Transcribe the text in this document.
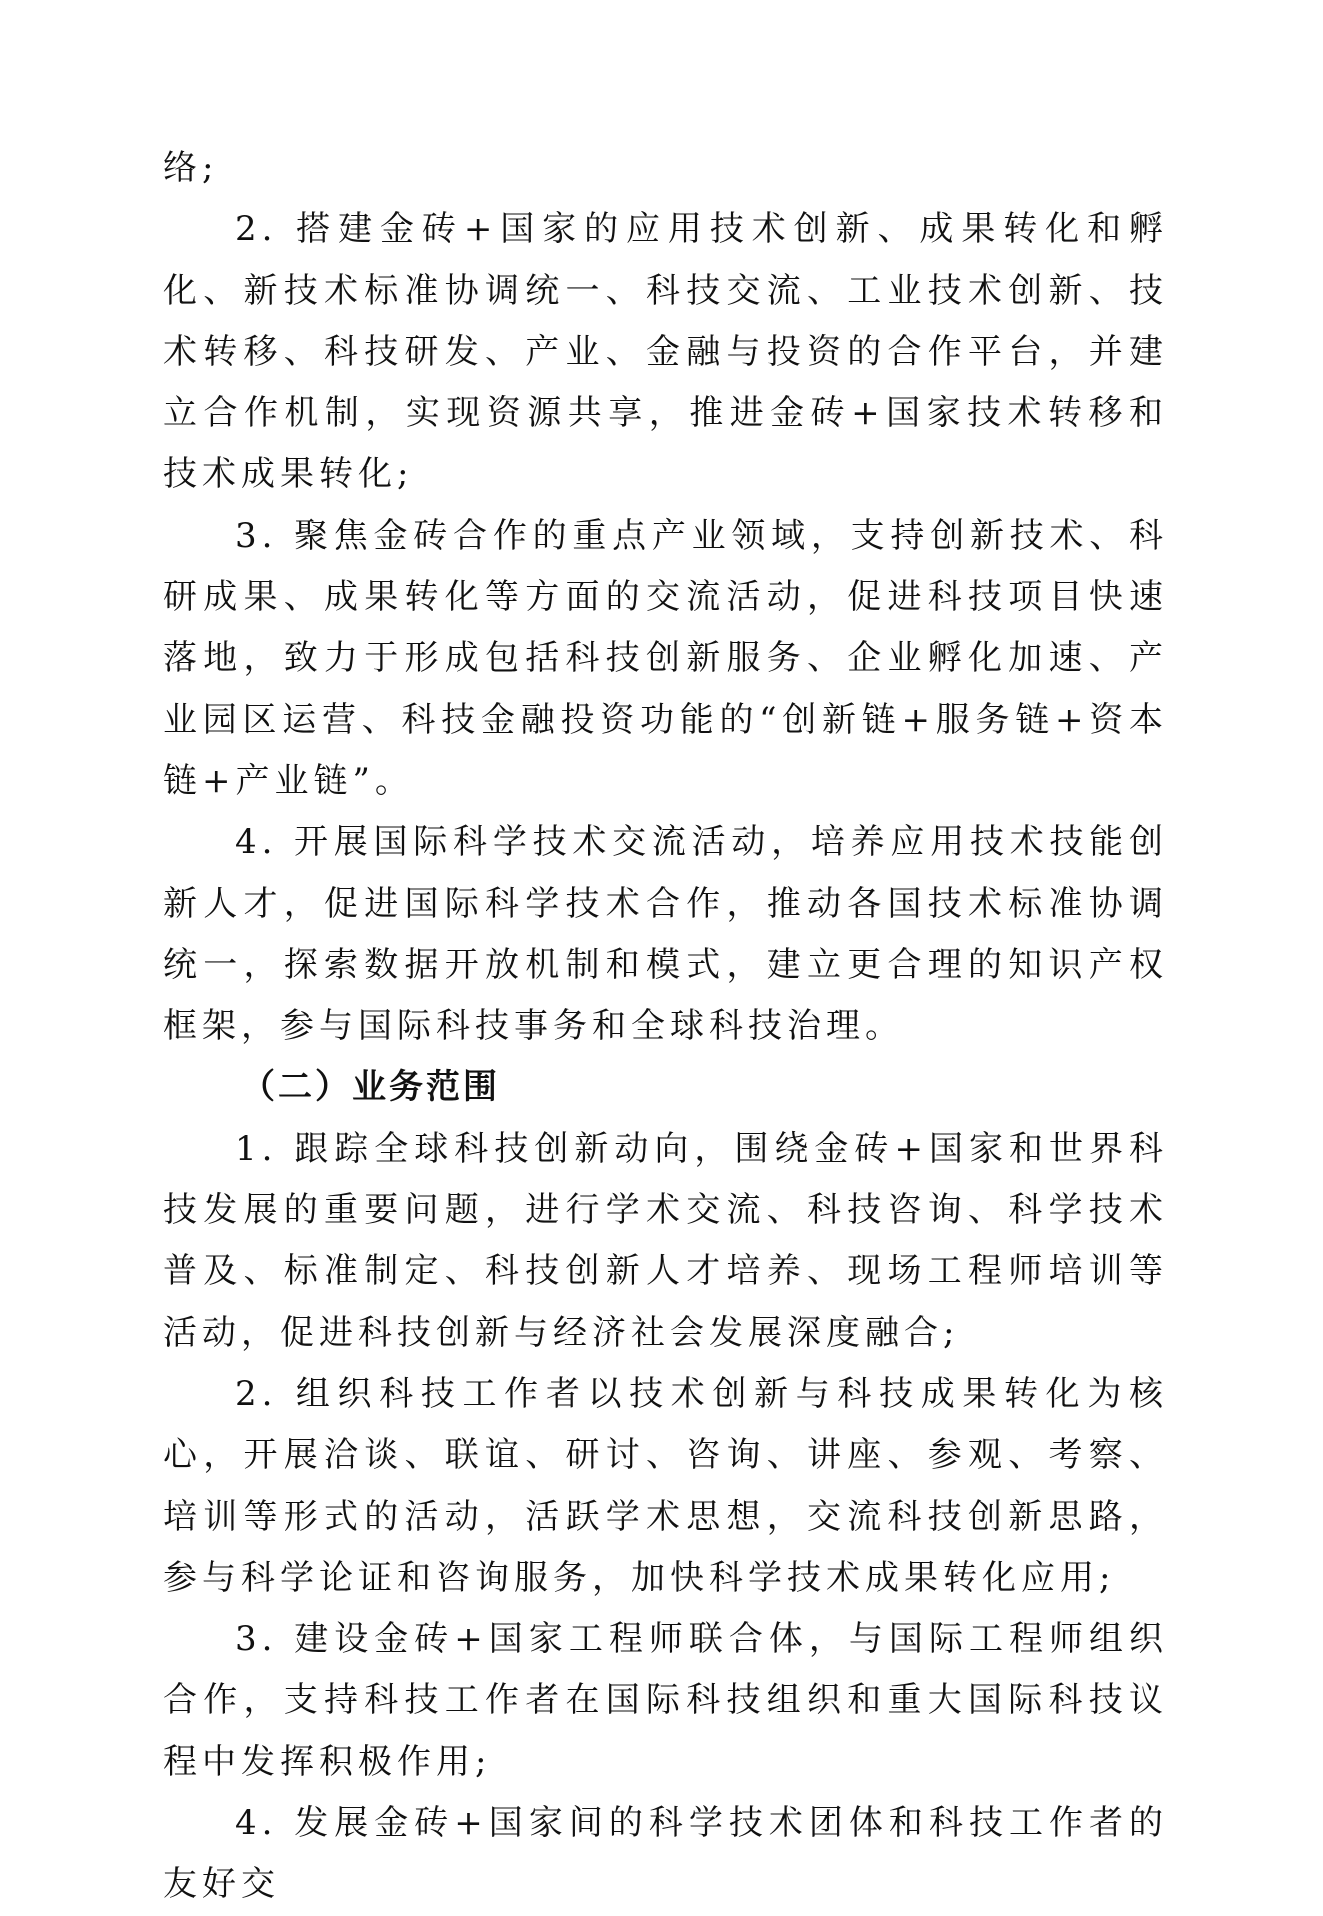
络;

2. 搭建金砖+国家的应用技术创新、成果转化和孵化、新技术标准协调统一、科技交流、工业技术创新、技术转移、科技研发、产业、金融与投资的合作平台，并建立合作机制，实现资源共享，推进金砖+国家技术转移和技术成果转化;

3. 聚焦金砖合作的重点产业领域，支持创新技术、科研成果、成果转化等方面的交流活动，促进科技项目快速落地，致力于形成包括科技创新服务、企业孵化加速、产业园区运营、科技金融投资功能的“创新链+服务链+资本链+产业链”。

4. 开展国际科学技术交流活动，培养应用技术技能创新人才，促进国际科学技术合作，推动各国技术标准协调统一，探索数据开放机制和模式，建立更合理的知识产权框架，参与国际科技事务和全球科技治理。

（二）业务范围

1. 跟踪全球科技创新动向，围绕金砖+国家和世界科技发展的重要问题，进行学术交流、科技咨询、科学技术普及、标准制定、科技创新人才培养、现场工程师培训等活动，促进科技创新与经济社会发展深度融合;

2. 组织科技工作者以技术创新与科技成果转化为核心，开展洽谈、联谊、研讨、咨询、讲座、参观、考察、培训等形式的活动，活跃学术思想，交流科技创新思路，参与科学论证和咨询服务，加快科学技术成果转化应用;

3. 建设金砖+国家工程师联合体，与国际工程师组织合作，支持科技工作者在国际科技组织和重大国际科技议程中发挥积极作用;

4. 发展金砖+国家间的科学技术团体和科技工作者的友好交
